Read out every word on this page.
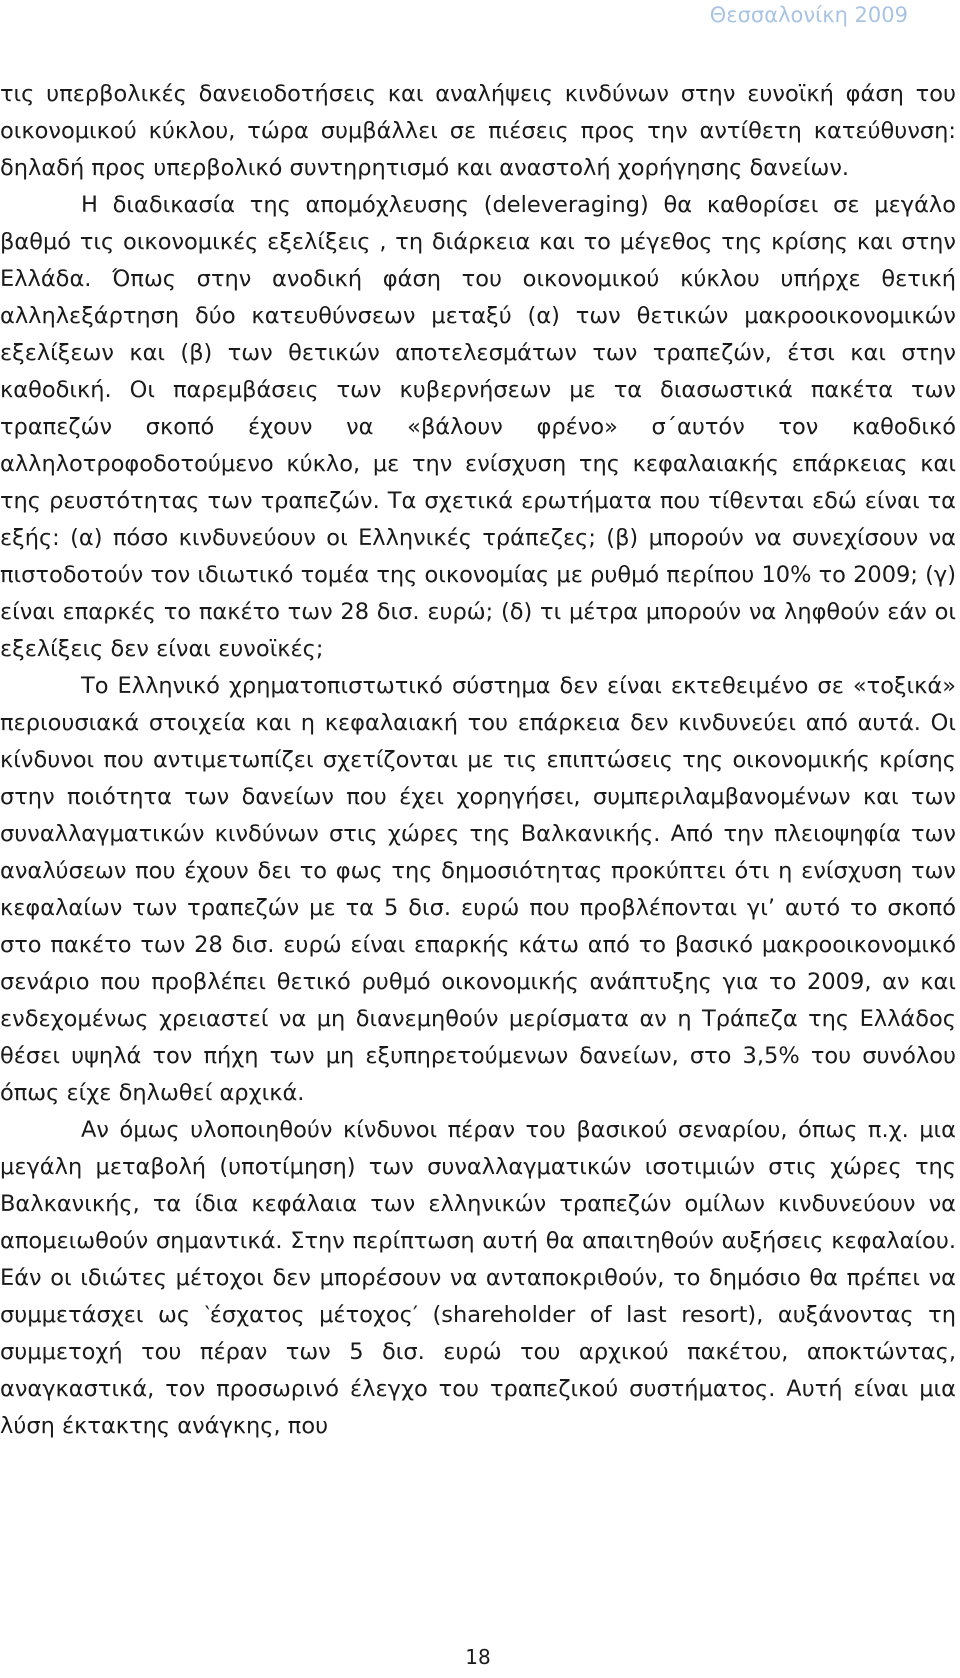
Θεσσαλονίκη 2009

τις υπερβολικές δανειοδοτήσεις και αναλήψεις κινδύνων στην ευνοϊκή φάση του οικονομικού κύκλου, τώρα συμβάλλει σε πιέσεις προς την αντίθετη κατεύθυνση: δηλαδή προς υπερβολικό συντηρητισμό και αναστολή χορήγησης δανείων.

Η διαδικασία της απομόχλευσης (deleveraging) θα καθορίσει σε μεγάλο βαθμό τις οικονομικές εξελίξεις , τη διάρκεια και το μέγεθος της κρίσης και στην Ελλάδα. Όπως στην ανοδική φάση του οικονομικού κύκλου υπήρχε θετική αλληλεξάρτηση δύο κατευθύνσεων μεταξύ (α) των θετικών μακροοικονομικών εξελίξεων και (β) των θετικών αποτελεσμάτων των τραπεζών, έτσι και στην καθοδική. Οι παρεμβάσεις των κυβερνήσεων με τα διασωστικά πακέτα των τραπεζών σκοπό έχουν να «βάλουν φρένο» σ΄αυτόν τον καθοδικό αλληλοτροφοδοτούμενο κύκλο, με την ενίσχυση της κεφαλαιακής επάρκειας και της ρευστότητας των τραπεζών. Τα σχετικά ερωτήματα που τίθενται εδώ είναι τα εξής: (α) πόσο κινδυνεύουν οι Ελληνικές τράπεζες; (β) μπορούν να συνεχίσουν να πιστοδοτούν τον ιδιωτικό τομέα της οικονομίας με ρυθμό περίπου 10% το 2009; (γ) είναι επαρκές το πακέτο των 28 δισ. ευρώ; (δ) τι μέτρα μπορούν να ληφθούν εάν οι εξελίξεις δεν είναι ευνοϊκές;

Το Ελληνικό χρηματοπιστωτικό σύστημα δεν είναι εκτεθειμένο σε «τοξικά» περιουσιακά στοιχεία και η κεφαλαιακή του επάρκεια δεν κινδυνεύει από αυτά. Οι κίνδυνοι που αντιμετωπίζει σχετίζονται με τις επιπτώσεις της οικονομικής κρίσης στην ποιότητα των δανείων που έχει χορηγήσει, συμπεριλαμβανομένων και των συναλλαγματικών κινδύνων στις χώρες της Βαλκανικής. Από την πλειοψηφία των αναλύσεων που έχουν δει το φως της δημοσιότητας προκύπτει ότι η ενίσχυση των κεφαλαίων των τραπεζών με τα 5 δισ. ευρώ που προβλέπονται γι’ αυτό το σκοπό στο πακέτο των 28 δισ. ευρώ είναι επαρκής κάτω από το βασικό μακροοικονομικό σενάριο που προβλέπει θετικό ρυθμό οικονομικής ανάπτυξης για το 2009, αν και ενδεχομένως χρειαστεί να μη διανεμηθούν μερίσματα αν η Τράπεζα της Ελλάδος θέσει υψηλά τον πήχη των μη εξυπηρετούμενων δανείων, στο 3,5% του συνόλου όπως είχε δηλωθεί αρχικά.

Αν όμως υλοποιηθούν κίνδυνοι πέραν του βασικού σεναρίου, όπως π.χ. μια μεγάλη μεταβολή (υποτίμηση) των συναλλαγματικών ισοτιμιών στις χώρες της Βαλκανικής, τα ίδια κεφάλαια των ελληνικών τραπεζών ομίλων κινδυνεύουν να απομειωθούν σημαντικά. Στην περίπτωση αυτή θα απαιτηθούν αυξήσεις κεφαλαίου. Εάν οι ιδιώτες μέτοχοι δεν μπορέσουν να ανταποκριθούν, το δημόσιο θα πρέπει να συμμετάσχει ως ‵έσχατος μέτοχος′ (shareholder of last resort), αυξάνοντας τη συμμετοχή του πέραν των 5 δισ. ευρώ του αρχικού πακέτου, αποκτώντας, αναγκαστικά, τον προσωρινό έλεγχο του τραπεζικού συστήματος. Αυτή είναι μια λύση έκτακτης ανάγκης, που

18
